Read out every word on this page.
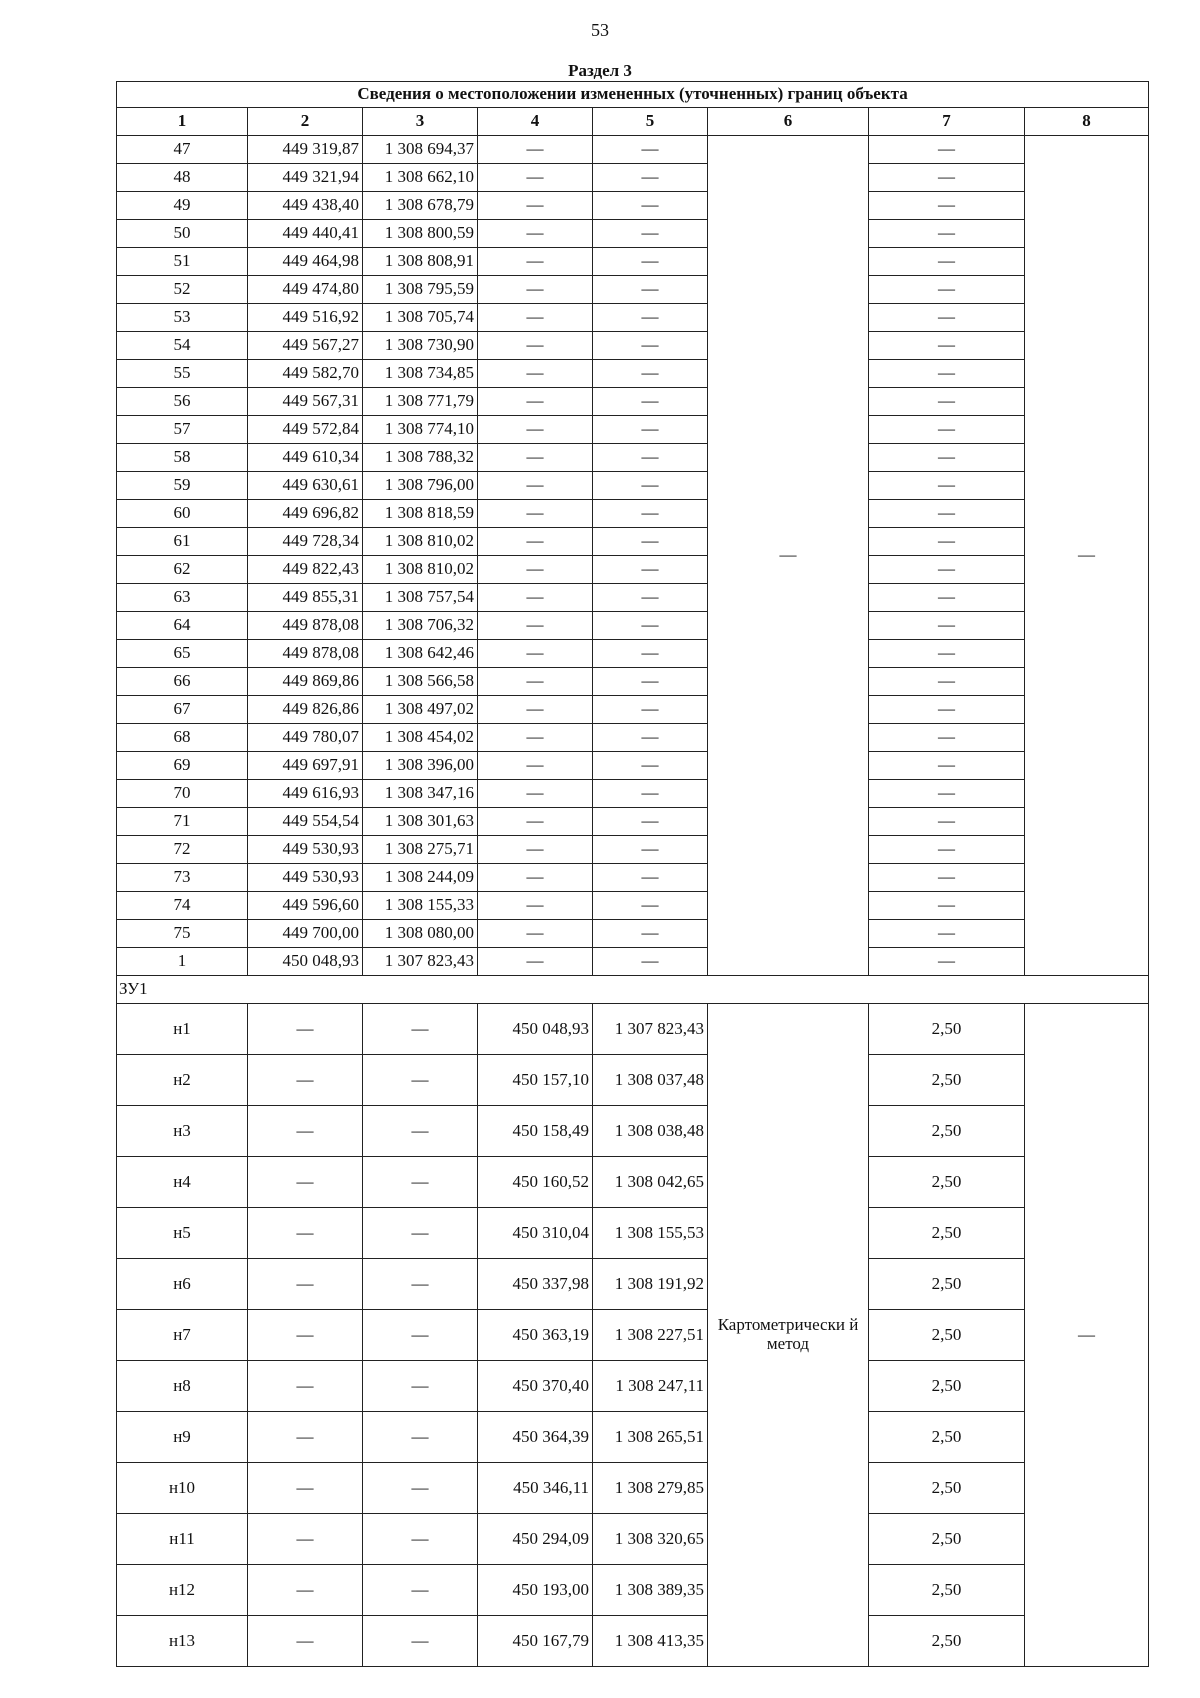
53
Раздел 3
Сведения о местоположении измененных (уточненных) границ объекта							
1	2	3	4	5	6	7	8
47	449 319,87	1 308 694,37	—	—	—	—	—
48	449 321,94	1 308 662,10	—	—		—	
49	449 438,40	1 308 678,79	—	—		—	
50	449 440,41	1 308 800,59	—	—		—	
51	449 464,98	1 308 808,91	—	—		—	
52	449 474,80	1 308 795,59	—	—		—	
53	449 516,92	1 308 705,74	—	—		—	
54	449 567,27	1 308 730,90	—	—		—	
55	449 582,70	1 308 734,85	—	—		—	
56	449 567,31	1 308 771,79	—	—		—	
57	449 572,84	1 308 774,10	—	—		—	
58	449 610,34	1 308 788,32	—	—		—	
59	449 630,61	1 308 796,00	—	—		—	
60	449 696,82	1 308 818,59	—	—		—	
61	449 728,34	1 308 810,02	—	—		—	
62	449 822,43	1 308 810,02	—	—		—	
63	449 855,31	1 308 757,54	—	—		—	
64	449 878,08	1 308 706,32	—	—		—	
65	449 878,08	1 308 642,46	—	—		—	
66	449 869,86	1 308 566,58	—	—		—	
67	449 826,86	1 308 497,02	—	—		—	
68	449 780,07	1 308 454,02	—	—		—	
69	449 697,91	1 308 396,00	—	—		—	
70	449 616,93	1 308 347,16	—	—		—	
71	449 554,54	1 308 301,63	—	—		—	
72	449 530,93	1 308 275,71	—	—		—	
73	449 530,93	1 308 244,09	—	—		—	
74	449 596,60	1 308 155,33	—	—		—	
75	449 700,00	1 308 080,00	—	—		—	
1	450 048,93	1 307 823,43	—	—		—	
ЗУ1							
н1	—	—	450 048,93	1 307 823,43	Картометрически й метод	2,50	—
н2	—	—	450 157,10	1 308 037,48		2,50	
н3	—	—	450 158,49	1 308 038,48		2,50	
н4	—	—	450 160,52	1 308 042,65		2,50	
н5	—	—	450 310,04	1 308 155,53		2,50	
н6	—	—	450 337,98	1 308 191,92		2,50	
н7	—	—	450 363,19	1 308 227,51		2,50	
н8	—	—	450 370,40	1 308 247,11		2,50	
н9	—	—	450 364,39	1 308 265,51		2,50	
н10	—	—	450 346,11	1 308 279,85		2,50	
н11	—	—	450 294,09	1 308 320,65		2,50	
н12	—	—	450 193,00	1 308 389,35		2,50	
н13	—	—	450 167,79	1 308 413,35		2,50	
